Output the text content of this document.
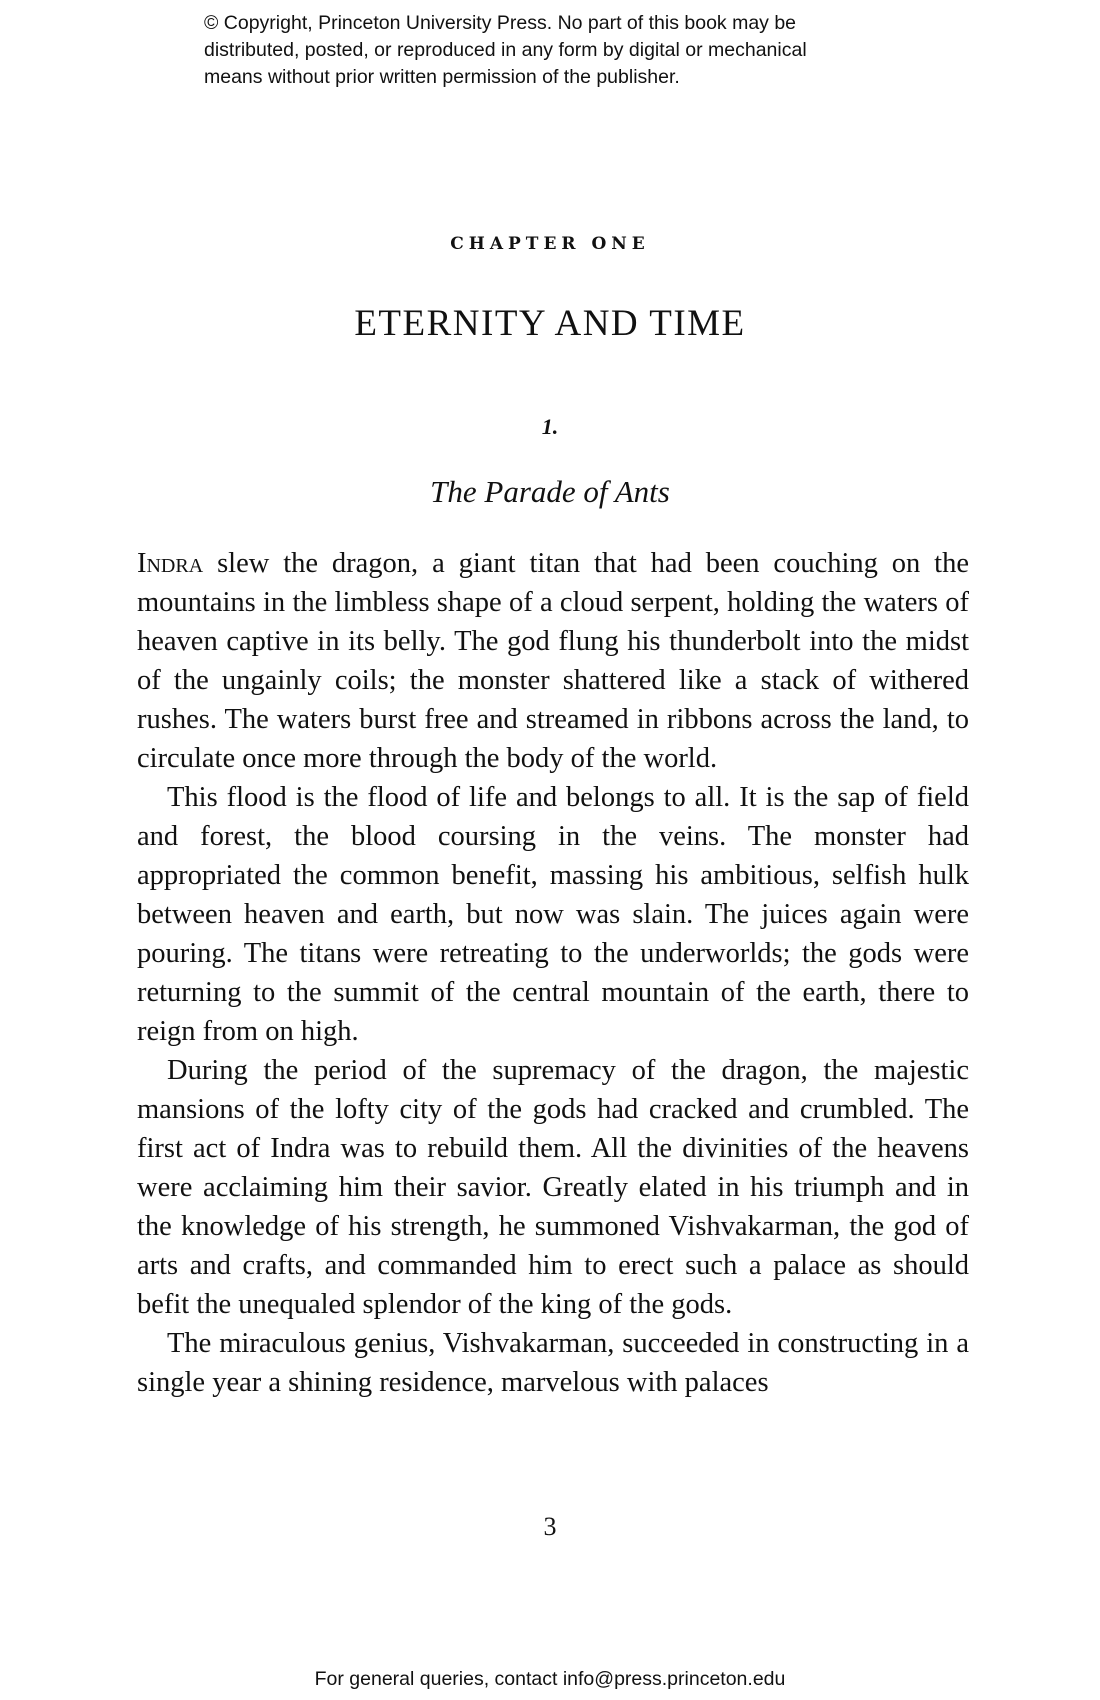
© Copyright, Princeton University Press. No part of this book may be
distributed, posted, or reproduced in any form by digital or mechanical
means without prior written permission of the publisher.
CHAPTER ONE
ETERNITY AND TIME
1.
The Parade of Ants

Indra slew the dragon, a giant titan that had been couching on the mountains in the limbless shape of a cloud serpent, holding the waters of heaven captive in its belly. The god flung his thunderbolt into the midst of the ungainly coils; the monster shattered like a stack of withered rushes. The waters burst free and streamed in ribbons across the land, to circulate once more through the body of the world.

This flood is the flood of life and belongs to all. It is the sap of field and forest, the blood coursing in the veins. The monster had appropriated the common benefit, massing his ambitious, selfish hulk between heaven and earth, but now was slain. The juices again were pouring. The titans were retreating to the underworlds; the gods were returning to the summit of the central mountain of the earth, there to reign from on high.

During the period of the supremacy of the dragon, the majestic mansions of the lofty city of the gods had cracked and crumbled. The first act of Indra was to rebuild them. All the divinities of the heavens were acclaiming him their savior. Greatly elated in his triumph and in the knowledge of his strength, he summoned Vishvakarman, the god of arts and crafts, and commanded him to erect such a palace as should befit the unequaled splendor of the king of the gods.

The miraculous genius, Vishvakarman, succeeded in constructing in a single year a shining residence, marvelous with palaces

3
For general queries, contact info@press.princeton.edu
